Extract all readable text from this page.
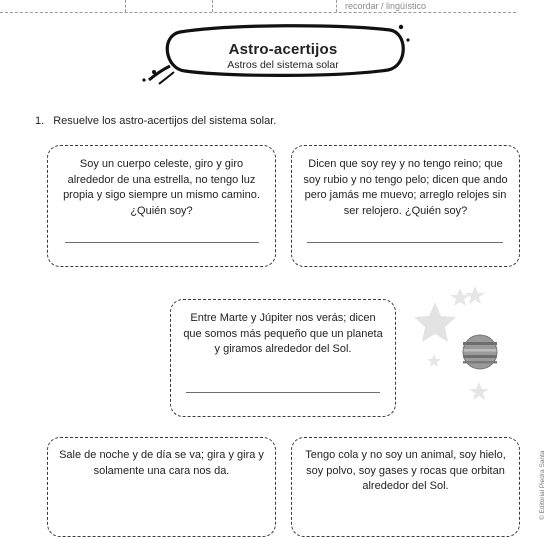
recordar / lingüístico
Astro-acertijos
Astros del sistema solar
1. Resuelve los astro-acertijos del sistema solar.
Soy un cuerpo celeste, giro y giro alrededor de una estrella, no tengo luz propia y sigo siempre un mismo camino. ¿Quién soy?
Dicen que soy rey y no tengo reino; que soy rubio y no tengo pelo; dicen que ando pero jamás me muevo; arreglo relojes sin ser relojero. ¿Quién soy?
Entre Marte y Júpiter nos verás; dicen que somos más pequeño que un planeta y giramos alrededor del Sol.
Sale de noche y de día se va; gira y gira y solamente una cara nos da.
Tengo cola y no soy un animal, soy hielo, soy polvo, soy gases y rocas que orbitan alrededor del Sol.	© Editorial Piedra Santa
